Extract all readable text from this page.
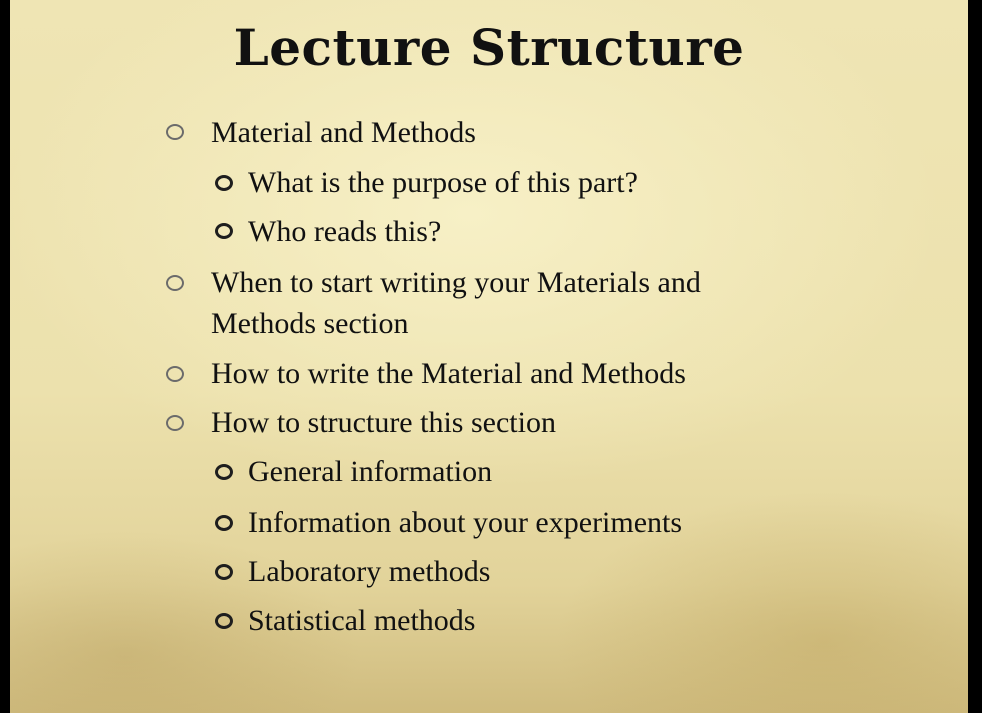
Lecture Structure
Material and Methods
What is the purpose of this part?
Who reads this?
When to start writing your Materials and
Methods section
How to write the Material and Methods
How to structure this section
General information
Information about your experiments
Laboratory methods
Statistical methods
